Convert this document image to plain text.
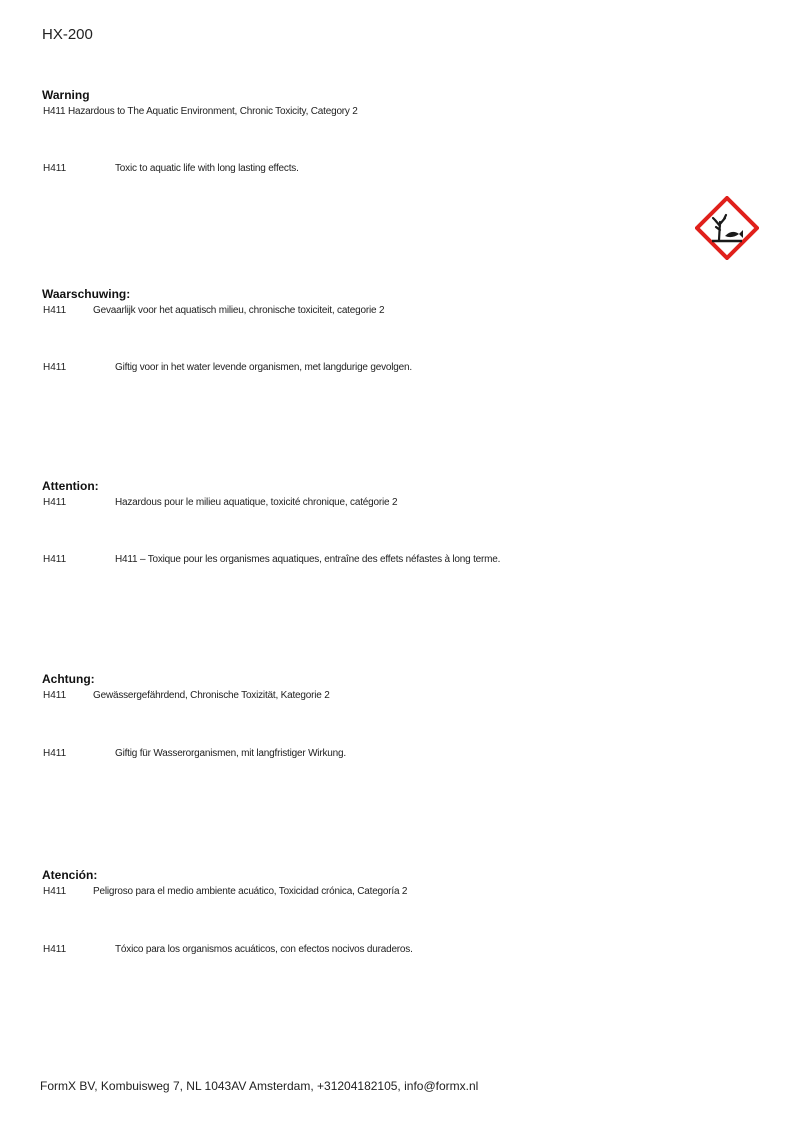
HX-200
Warning
H411 Hazardous to The Aquatic Environment, Chronic Toxicity, Category 2
H411	Toxic to aquatic life with long lasting effects.
Waarschuwing:
H411	Gevaarlijk voor het aquatisch milieu, chronische toxiciteit, categorie 2
H411	Giftig voor in het water levende organismen, met langdurige gevolgen.
Attention:
H411	Hazardous pour le milieu aquatique, toxicité chronique, catégorie 2
H411	H411 – Toxique pour les organismes aquatiques, entraîne des effets néfastes à long terme.
Achtung:
H411	Gewässergefährdend, Chronische Toxizität, Kategorie 2
H411	Giftig für Wasserorganismen, mit langfristiger Wirkung.
Atención:
H411	Peligroso para el medio ambiente acuático, Toxicidad crónica, Categoría 2
H411	Tóxico para los organismos acuáticos, con efectos nocivos duraderos.
FormX BV, Kombuisweg 7, NL 1043AV Amsterdam, +31204182105, info@formx.nl
